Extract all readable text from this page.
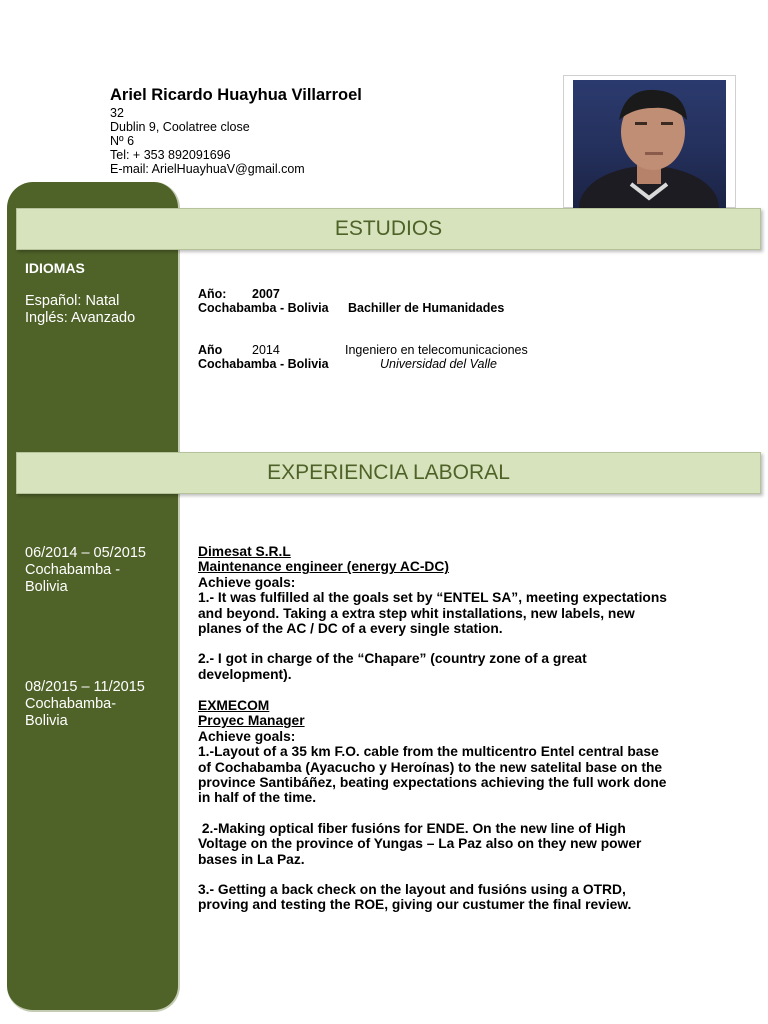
Ariel Ricardo Huayhua Villarroel
32
Dublin 9, Coolatree close
Nº 6
Tel: + 353 892091696
E-mail: ArielHuayhuaV@gmail.com
IDIOMAS
Español: Natal
Inglés: Avanzado
06/2014 – 05/2015
Cochabamba -
Bolivia
08/2015 – 11/2015
Cochabamba-
Bolivia
ESTUDIOS
EXPERIENCIA LABORAL
Año: 2007
Cochabamba - Bolivia Bachiller de Humanidades
Año 2014	Ingeniero en telecomunicaciones
Cochabamba - Bolivia	Universidad del Valle
Dimesat S.R.L
Maintenance engineer (energy AC-DC)
Achieve goals:
1.- It was fulfilled al the goals set by “ENTEL SA”, meeting expectations and beyond. Taking a extra step whit installations, new labels, new planes of the AC / DC of a every single station.
2.- I got in charge of the “Chapare” (country zone of a great development).
EXMECOM
Proyec Manager
Achieve goals:
1.-Layout of a 35 km F.O. cable from the multicentro Entel central base of Cochabamba (Ayacucho y Heroínas) to the new satelital base on the province Santibáñez, beating expectations achieving the full work done in half of the time.
2.-Making optical fiber fusións for ENDE. On the new line of High Voltage on the province of Yungas – La Paz also on they new power bases in La Paz.
3.- Getting a back check on the layout and fusións using a OTRD, proving and testing the ROE, giving our custumer the final review.
